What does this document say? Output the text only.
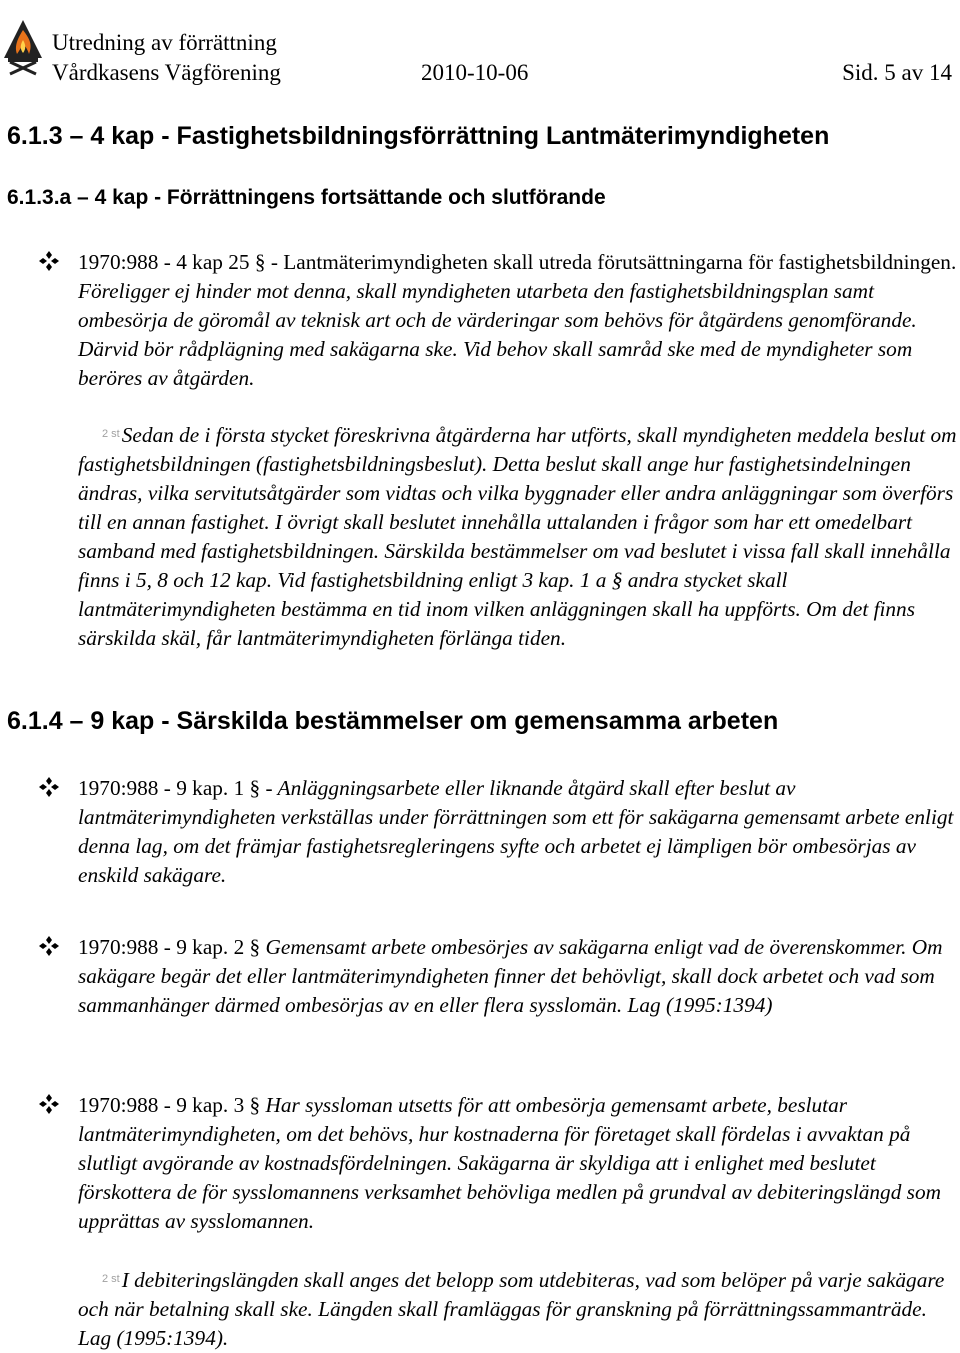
Utredning av förrättning
Vårdkasens Vägförening	2010-10-06	Sid. 5 av 14
6.1.3 – 4 kap - Fastighetsbildningsförrättning Lantmäterimyndigheten
6.1.3.a – 4 kap - Förrättningens fortsättande och slutförande
1970:988 - 4 kap 25 § - Lantmäterimyndigheten skall utreda förutsättningarna för fastighetsbildningen. Föreligger ej hinder mot denna, skall myndigheten utarbeta den fastighetsbildningsplan samt ombesörja de göromål av teknisk art och de värderingar som behövs för åtgärdens genomförande. Därvid bör rådplägning med sakägarna ske. Vid behov skall samråd ske med de myndigheter som beröres av åtgärden.
$^{2 st}$Sedan de i första stycket föreskrivna åtgärderna har utförts, skall myndigheten meddela beslut om fastighetsbildningen (fastighetsbildningsbeslut). Detta beslut skall ange hur fastighetsindelningen ändras, vilka servitutsåtgärder som vidtas och vilka byggnader eller andra anläggningar som överförs till en annan fastighet. I övrigt skall beslutet innehålla uttalanden i frågor som har ett omedelbart samband med fastighetsbildningen. Särskilda bestämmelser om vad beslutet i vissa fall skall innehålla finns i 5, 8 och 12 kap. Vid fastighetsbildning enligt 3 kap. 1 a § andra stycket skall lantmäterimyndigheten bestämma en tid inom vilken anläggningen skall ha uppförts. Om det finns särskilda skäl, får lantmäterimyndigheten förlänga tiden.
6.1.4 – 9 kap - Särskilda bestämmelser om gemensamma arbeten
1970:988 - 9 kap. 1 § - Anläggningsarbete eller liknande åtgärd skall efter beslut av lantmäterimyndigheten verkställas under förrättningen som ett för sakägarna gemensamt arbete enligt denna lag, om det främjar fastighetsregleringens syfte och arbetet ej lämpligen bör ombesörjas av enskild sakägare.
1970:988 - 9 kap. 2 § Gemensamt arbete ombesörjes av sakägarna enligt vad de överenskommer. Om sakägare begär det eller lantmäterimyndigheten finner det behövligt, skall dock arbetet och vad som sammanhänger därmed ombesörjas av en eller flera sysslomän. Lag (1995:1394)
1970:988 - 9 kap. 3 § Har syssloman utsetts för att ombesörja gemensamt arbete, beslutar lantmäterimyndigheten, om det behövs, hur kostnaderna för företaget skall fördelas i avvaktan på slutligt avgörande av kostnadsfördelningen. Sakägarna är skyldiga att i enlighet med beslutet förskottera de för sysslomannens verksamhet behövliga medlen på grundval av debiteringslängd som upprättas av sysslomannen.
$^{2 st}$I debiteringslängden skall anges det belopp som utdebiteras, vad som belöper på varje sakägare och när betalning skall ske. Längden skall framläggas för granskning på förrättningssammanträde. Lag (1995:1394).
